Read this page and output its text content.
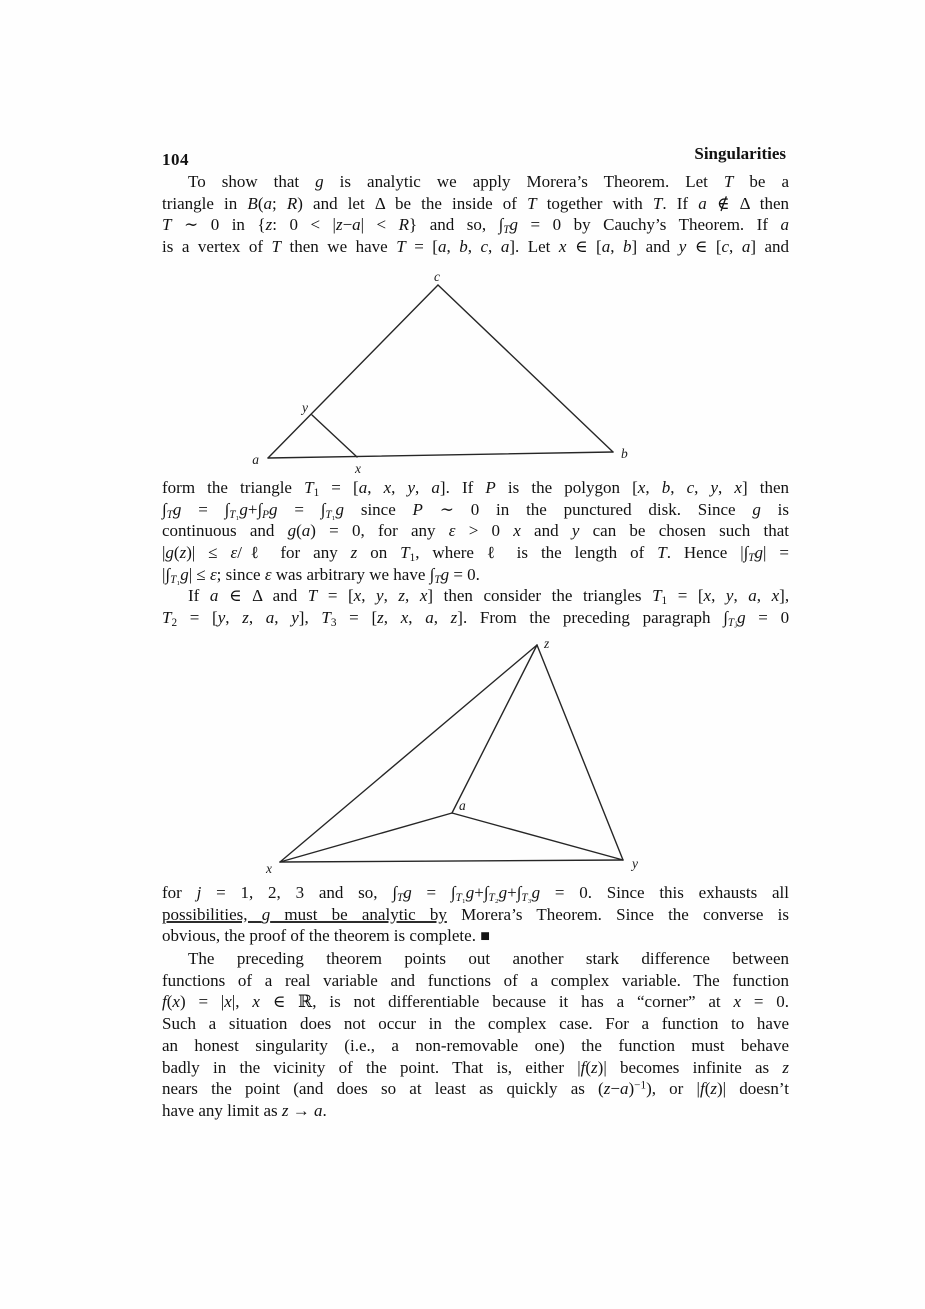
104	Singularities
To show that g is analytic we apply Morera’s Theorem. Let T be a
triangle in B(a; R) and let Δ be the inside of T together with T. If a ∉ Δ then
T ∼ 0 in {z: 0 < |z−a| < R} and so, $\int_Tg = 0$ by Cauchy’s Theorem. If a
is a vertex of T then we have T = [a, b, c, a]. Let x ∈ [a, b] and y ∈ [c, a] and
c
a	b
y
x
form the triangle $T_1 = [a$, x, y, a]. If P is the polygon [x, b, c, y, x] then
$\int_Tg = \int_{T_1}g+\int_Pg = \int_{T_1}g$ since P ∼ 0 in the punctured disk. Since g is
continuous and g(a) = 0, for any ε > 0 x and y can be chosen such that
|g(z)| ≤ ε/ℓ for any z on $T_1$, where ℓ is the length of T. Hence $|\int_Tg|$ =
$|\int_{T_1}g| \le \varepsilon$; since ε was arbitrary we have $\int_Tg = 0$.
If a ∈ Δ and T = [x, y, z, x] then consider the triangles $T_1 = [x$, y, a, x],
$T_2 = [y$, z, a, y], $T_3 = [z$, x, a, z]. From the preceding paragraph $\int_{Tⱼ}g = 0$
z
x	y
a
for j = 1, 2, 3 and so, $\int_Tg = \int_{T_1}g+\int_{T_2}g+\int_{T_3}g = 0$. Since this exhausts all
possibilities, g must be analytic by Morera’s Theorem. Since the converse is
obvious, the proof of the theorem is complete. ■
The preceding theorem points out another stark difference between
functions of a real variable and functions of a complex variable. The function
f(x) = |x|, x ∈ ℝ, is not differentiable because it has a “corner” at x = 0.
Such a situation does not occur in the complex case. For a function to have
an honest singularity (i.e., a non-removable one) the function must behave
badly in the vicinity of the point. That is, either |f(z)| becomes infinite as z
nears the point (and does so at least as quickly as $(z-a)^{-1}$), or |f(z)| doesn’t
have any limit as z → a.
